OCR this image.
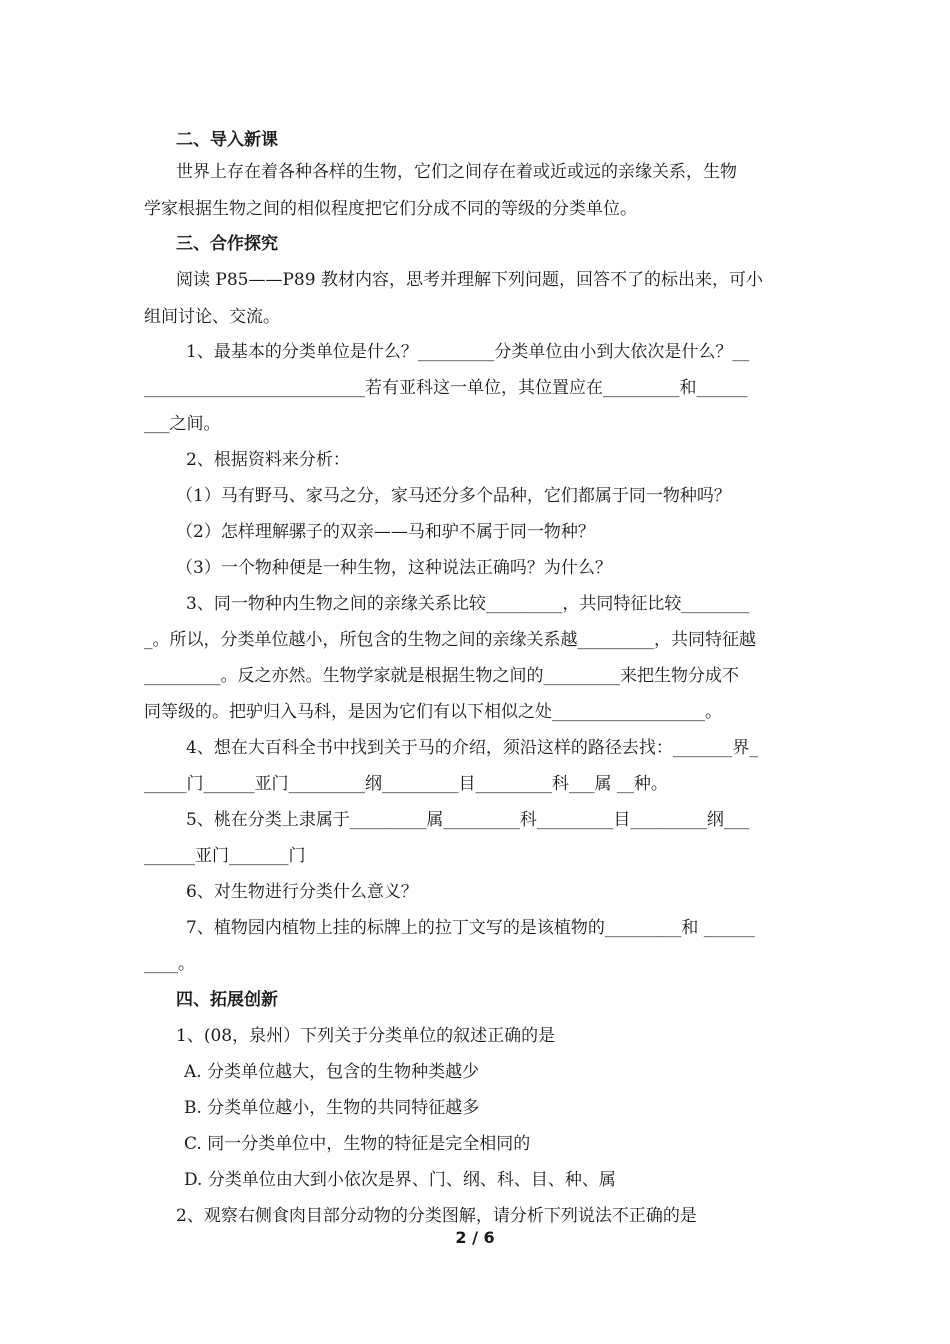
二、导入新课
世界上存在着各种各样的生物，它们之间存在着或近或远的亲缘关系，生物
学家根据生物之间的相似程度把它们分成不同的等级的分类单位。
三、合作探究
阅读 P85——P89 教材内容，思考并理解下列问题，回答不了的标出来，可小
组间讨论、交流。
1、最基本的分类单位是什么？_________分类单位由小到大依次是什么？__
__________________________若有亚科这一单位，其位置应在_________和______
___之间。
2、根据资料来分析：
（1）马有野马、家马之分，家马还分多个品种，它们都属于同一物种吗？
（2）怎样理解骡子的双亲——马和驴不属于同一物种？
（3）一个物种便是一种生物，这种说法正确吗？为什么？
3、同一物种内生物之间的亲缘关系比较_________，共同特征比较________
_。所以，分类单位越小，所包含的生物之间的亲缘关系越_________，共同特征越
_________。反之亦然。生物学家就是根据生物之间的_________来把生物分成不
同等级的。把驴归入马科，是因为它们有以下相似之处__________________。
4、想在大百科全书中找到关于马的介绍，须沿这样的路径去找：_______界_
_____门______亚门_________纲_________目_________科___属 __种。
5、桃在分类上隶属于_________属_________科_________目_________纲___
______亚门_______门
6、对生物进行分类什么意义？
7、植物园内植物上挂的标牌上的拉丁文写的是该植物的_________和 ______
____。
四、拓展创新
1、(08，泉州）下列关于分类单位的叙述正确的是
A. 分类单位越大，包含的生物种类越少
B. 分类单位越小，生物的共同特征越多
C. 同一分类单位中，生物的特征是完全相同的
D. 分类单位由大到小依次是界、门、纲、科、目、种、属
2、观察右侧食肉目部分动物的分类图解，请分析下列说法不正确的是
2 / 6
